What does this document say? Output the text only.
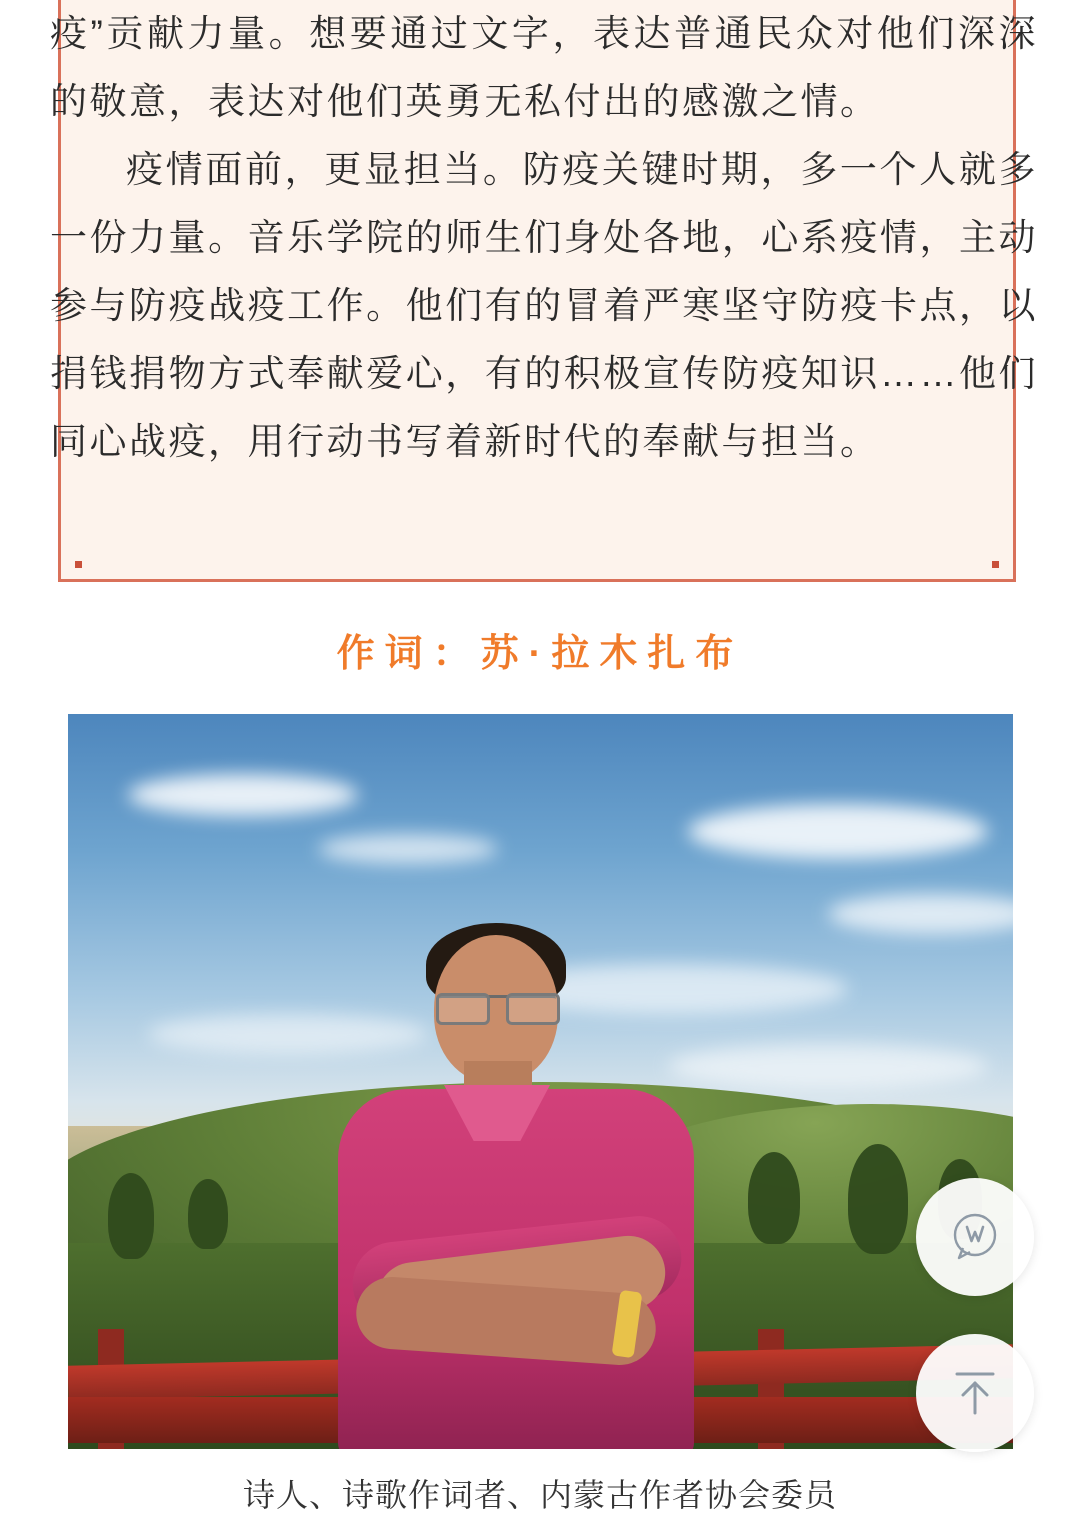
疫”贡献力量。想要通过文字，表达普通民众对他们深深的敬意，表达对他们英勇无私付出的感激之情。

疫情面前，更显担当。防疫关键时期，多一个人就多一份力量。音乐学院的师生们身处各地，心系疫情，主动参与防疫战疫工作。他们有的冒着严寒坚守防疫卡点，以捐钱捐物方式奉献爱心，有的积极宣传防疫知识……他们同心战疫，用行动书写着新时代的奉献与担当。

作词：苏·拉木扎布
诗人、诗歌作词者、内蒙古作者协会委员
